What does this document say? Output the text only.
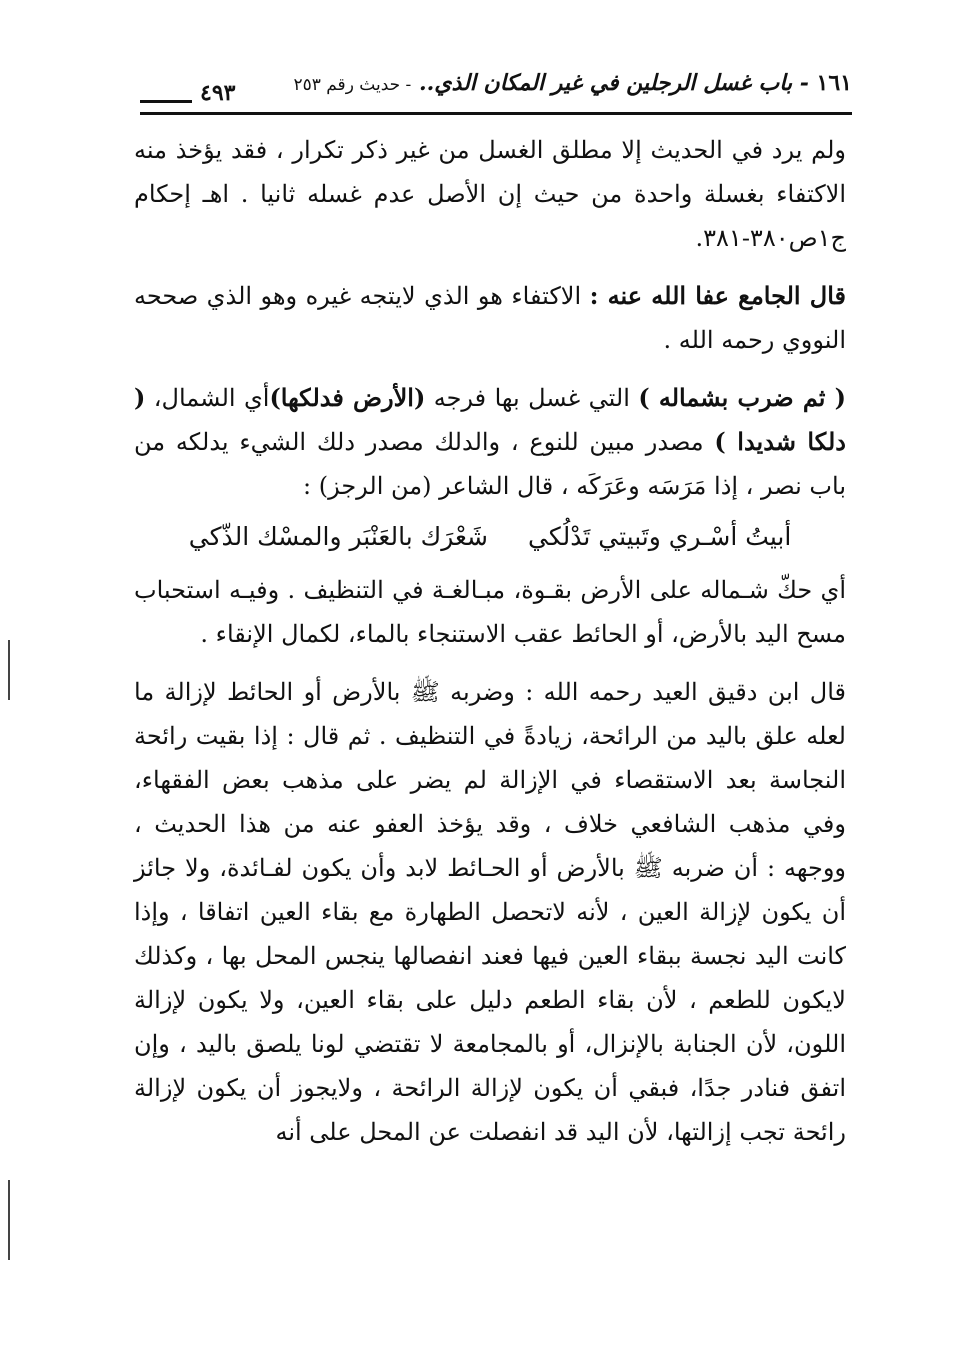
١٦١ - باب غسل الرجلين في غير المكان الذي.. - حديث رقم ٢٥٣
٤٩٣

ولم يرد في الحديث إلا مطلق الغسل من غير ذكر تكرار ، فقد يؤخذ منه الاكتفاء بغسلة واحدة من حيث إن الأصل عدم غسله ثانيا . اهـ إحكام ج١ص٣٨٠-٣٨١.

قال الجامع عفا الله عنه : الاكتفاء هو الذي لايتجه غيره وهو الذي صححه النووي رحمه الله .

( ثم ضرب بشماله ) التي غسل بها فرجه (الأرض فدلكها)أي الشمال، ( دلكا شديدا ) مصدر مبين للنوع ، والدلك مصدر دلك الشيء يدلكه من باب نصر ، إذا مَرَسَه وعَرَكَه ، قال الشاعر (من الرجز) :

أبيتُ أسْـري وتَبيتي تَدْلُكي
شَعْرَك بالعَنْبَر والمسْك الذّكي

أي حكّ شـماله على الأرض بقـوة، مبـالغـة في التنظيف . وفيـه استحباب مسح اليد بالأرض، أو الحائط عقب الاستنجاء بالماء، لكمال الإنقاء .

قال ابن دقيق العيد رحمه الله : وضربه ﷺ بالأرض أو الحائط لإزالة ما لعله علق باليد من الرائحة، زيادةً في التنظيف . ثم قال : إذا بقيت رائحة النجاسة بعد الاستقصاء في الإزالة لم يضر على مذهب بعض الفقهاء، وفي مذهب الشافعي خلاف ، وقد يؤخذ العفو عنه من هذا الحديث ، ووجهه : أن ضربه ﷺ بالأرض أو الحـائط لابد وأن يكون لفـائدة، ولا جائز أن يكون لإزالة العين ، لأنه لاتحصل الطهارة مع بقاء العين اتفاقا ، وإذا كانت اليد نجسة ببقاء العين فيها فعند انفصالها ينجس المحل بها ، وكذلك لايكون للطعم ، لأن بقاء الطعم دليل على بقاء العين، ولا يكون لإزالة اللون، لأن الجنابة بالإنزال، أو بالمجامعة لا تقتضي لونا يلصق باليد ، وإن اتفق فنادر جدًا، فبقي أن يكون لإزالة الرائحة ، ولايجوز أن يكون لإزالة رائحة تجب إزالتها، لأن اليد قد انفصلت عن المحل على أنه
